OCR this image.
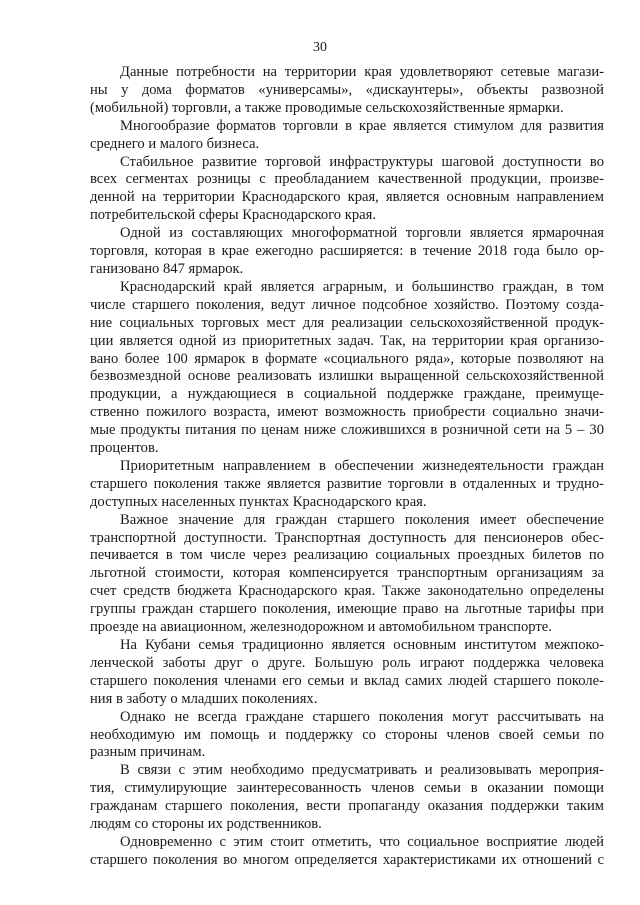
30

Данные потребности на территории края удовлетворяют сетевые магази-
ны у дома форматов «универсамы», «дискаунтеры», объекты развозной
(мобильной) торговли, а также проводимые сельскохозяйственные ярмарки.

Многообразие форматов торговли в крае является стимулом для развития
среднего и малого бизнеса.

Стабильное развитие торговой инфраструктуры шаговой доступности во
всех сегментах розницы с преобладанием качественной продукции, произве-
денной на территории Краснодарского края, является основным направлением
потребительской сферы Краснодарского края.

Одной из составляющих многоформатной торговли является ярмарочная
торговля, которая в крае ежегодно расширяется: в течение 2018 года было ор-
ганизовано 847 ярмарок.

Краснодарский край является аграрным, и большинство граждан, в том
числе старшего поколения, ведут личное подсобное хозяйство. Поэтому созда-
ние социальных торговых мест для реализации сельскохозяйственной продук-
ции является одной из приоритетных задач. Так, на территории края организо-
вано более 100 ярмарок в формате «социального ряда», которые позволяют на
безвозмездной основе реализовать излишки выращенной сельскохозяйственной
продукции, а нуждающиеся в социальной поддержке граждане, преимуще-
ственно пожилого возраста, имеют возможность приобрести социально значи-
мые продукты питания по ценам ниже сложившихся в розничной сети на 5 – 30
процентов.

Приоритетным направлением в обеспечении жизнедеятельности граждан
старшего поколения также является развитие торговли в отдаленных и трудно-
доступных населенных пунктах Краснодарского края.

Важное значение для граждан старшего поколения имеет обеспечение
транспортной доступности. Транспортная доступность для пенсионеров обес-
печивается в том числе через реализацию социальных проездных билетов по
льготной стоимости, которая компенсируется транспортным организациям за
счет средств бюджета Краснодарского края. Также законодательно определены
группы граждан старшего поколения, имеющие право на льготные тарифы при
проезде на авиационном, железнодорожном и автомобильном транспорте.

На Кубани семья традиционно является основным институтом межпоко-
ленческой заботы друг о друге. Большую роль играют поддержка человека
старшего поколения членами его семьи и вклад самих людей старшего поколе-
ния в заботу о младших поколениях.

Однако не всегда граждане старшего поколения могут рассчитывать на
необходимую им помощь и поддержку со стороны членов своей семьи по
разным причинам.

В связи с этим необходимо предусматривать и реализовывать мероприя-
тия, стимулирующие заинтересованность членов семьи в оказании помощи
гражданам старшего поколения, вести пропаганду оказания поддержки таким
людям со стороны их родственников.

Одновременно с этим стоит отметить, что социальное восприятие людей
старшего поколения во многом определяется характеристиками их отношений с
